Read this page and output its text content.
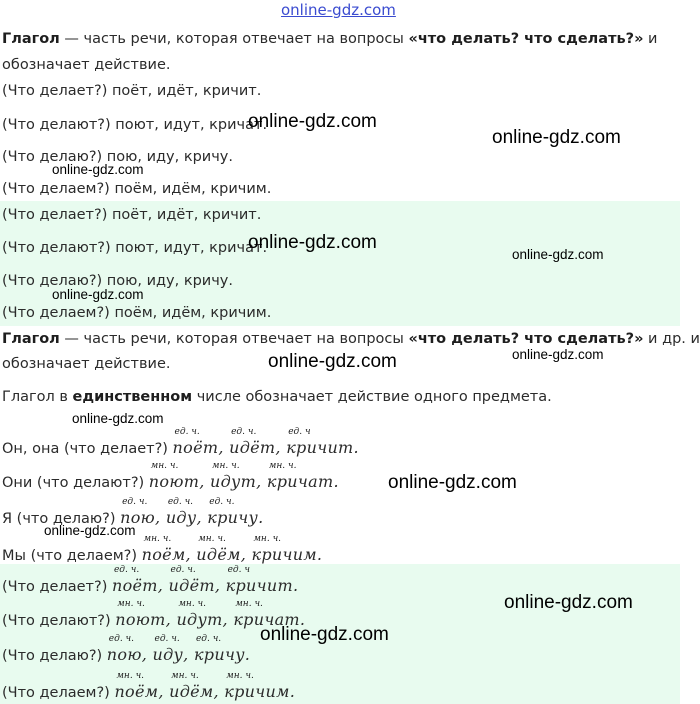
online-gdz.com
Глагол — часть речи, которая отвечает на вопросы «что делать? что сделать?» и
обозначает действие.
(Что делает?) поёт, идёт, кричит.
(Что делают?) поют, идут, кричат.
(Что делаю?) пою, иду, кричу.
(Что делаем?) поём, идём, кричим.
(Что делает?) поёт, идёт, кричит.
(Что делают?) поют, идут, кричат.
(Что делаю?) пою, иду, кричу.
(Что делаем?) поём, идём, кричим.
Глагол — часть речи, которая отвечает на вопросы «что делать? что сделать?» и др. и
обозначает действие.
Глагол в единственном числе обозначает действие одного предмета.
Он, она (что делает?)
ед. ч.
поёт,
ед. ч.
идёт,
ед. ч
кричит.
Они (что делают?)
мн. ч.
поют,
мн. ч.
идут,
мн. ч.
кричат.
Я (что делаю?)
ед. ч.
пою,
ед. ч.
иду,
ед. ч.
кричу.
Мы (что делаем?)
мн. ч.
поём,
мн. ч.
идём,
мн. ч.
кричим.
(Что делает?)
ед. ч.
поёт,
ед. ч.
идёт,
ед. ч
кричит.
(Что делают?)
мн. ч.
поют,
мн. ч.
идут,
мн. ч.
кричат.
(Что делаю?)
ед. ч.
пою,
ед. ч.
иду,
ед. ч.
кричу.
(Что делаем?)
мн. ч.
поём,
мн. ч.
идём,
мн. ч.
кричим.
online-gdz.com
online-gdz.com
online-gdz.com
online-gdz.com
online-gdz.com
online-gdz.com
online-gdz.com	online-gdz.com
online-gdz.com
online-gdz.com
online-gdz.com
online-gdz.com
online-gdz.com
